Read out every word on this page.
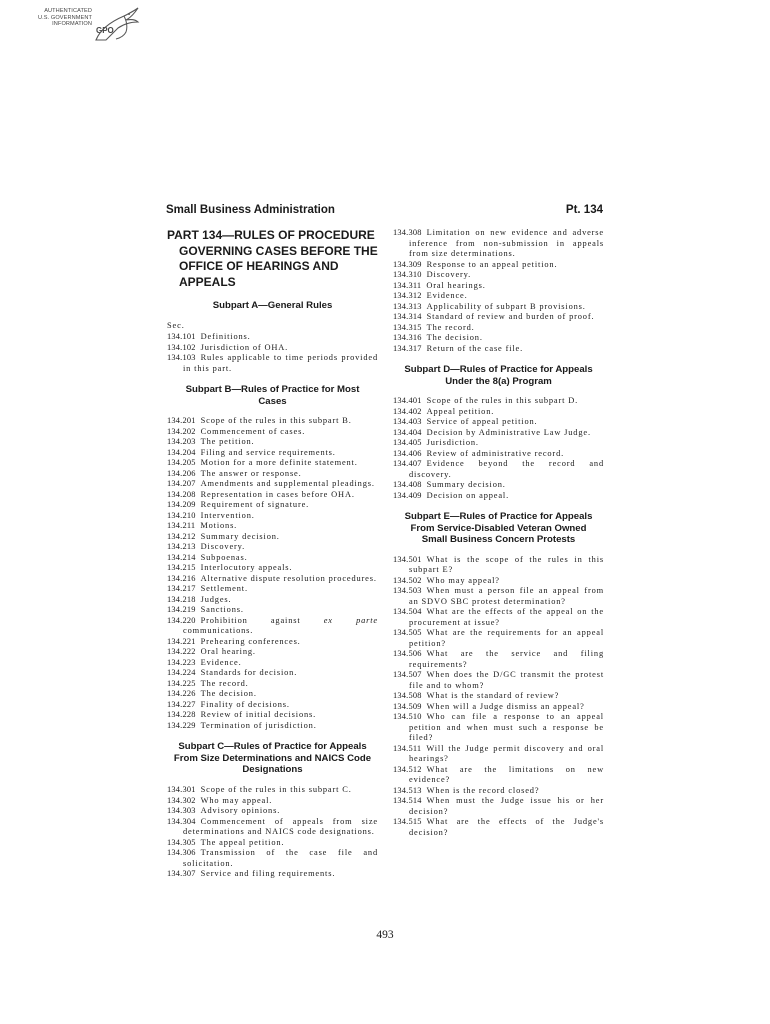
AUTHENTICATED
U.S. GOVERNMENT
INFORMATION
GPO
Small Business Administration	Pt. 134
PART 134—RULES OF PROCEDURE GOVERNING CASES BEFORE THE OFFICE OF HEARINGS AND APPEALS
Subpart A—General Rules
Sec.
134.101 Definitions.
134.102 Jurisdiction of OHA.
134.103 Rules applicable to time periods provided in this part.
Subpart B—Rules of Practice for Most Cases
134.201 Scope of the rules in this subpart B.
134.202 Commencement of cases.
134.203 The petition.
134.204 Filing and service requirements.
134.205 Motion for a more definite statement.
134.206 The answer or response.
134.207 Amendments and supplemental pleadings.
134.208 Representation in cases before OHA.
134.209 Requirement of signature.
134.210 Intervention.
134.211 Motions.
134.212 Summary decision.
134.213 Discovery.
134.214 Subpoenas.
134.215 Interlocutory appeals.
134.216 Alternative dispute resolution procedures.
134.217 Settlement.
134.218 Judges.
134.219 Sanctions.
134.220 Prohibition against ex parte communications.
134.221 Prehearing conferences.
134.222 Oral hearing.
134.223 Evidence.
134.224 Standards for decision.
134.225 The record.
134.226 The decision.
134.227 Finality of decisions.
134.228 Review of initial decisions.
134.229 Termination of jurisdiction.
Subpart C—Rules of Practice for Appeals From Size Determinations and NAICS Code Designations
134.301 Scope of the rules in this subpart C.
134.302 Who may appeal.
134.303 Advisory opinions.
134.304 Commencement of appeals from size determinations and NAICS code designations.
134.305 The appeal petition.
134.306 Transmission of the case file and solicitation.
134.307 Service and filing requirements.
134.308 Limitation on new evidence and adverse inference from non-submission in appeals from size determinations.
134.309 Response to an appeal petition.
134.310 Discovery.
134.311 Oral hearings.
134.312 Evidence.
134.313 Applicability of subpart B provisions.
134.314 Standard of review and burden of proof.
134.315 The record.
134.316 The decision.
134.317 Return of the case file.
Subpart D—Rules of Practice for Appeals Under the 8(a) Program
134.401 Scope of the rules in this subpart D.
134.402 Appeal petition.
134.403 Service of appeal petition.
134.404 Decision by Administrative Law Judge.
134.405 Jurisdiction.
134.406 Review of administrative record.
134.407 Evidence beyond the record and discovery.
134.408 Summary decision.
134.409 Decision on appeal.
Subpart E—Rules of Practice for Appeals From Service-Disabled Veteran Owned Small Business Concern Protests
134.501 What is the scope of the rules in this subpart E?
134.502 Who may appeal?
134.503 When must a person file an appeal from an SDVO SBC protest determination?
134.504 What are the effects of the appeal on the procurement at issue?
134.505 What are the requirements for an appeal petition?
134.506 What are the service and filing requirements?
134.507 When does the D/GC transmit the protest file and to whom?
134.508 What is the standard of review?
134.509 When will a Judge dismiss an appeal?
134.510 Who can file a response to an appeal petition and when must such a response be filed?
134.511 Will the Judge permit discovery and oral hearings?
134.512 What are the limitations on new evidence?
134.513 When is the record closed?
134.514 When must the Judge issue his or her decision?
134.515 What are the effects of the Judge's decision?
493
